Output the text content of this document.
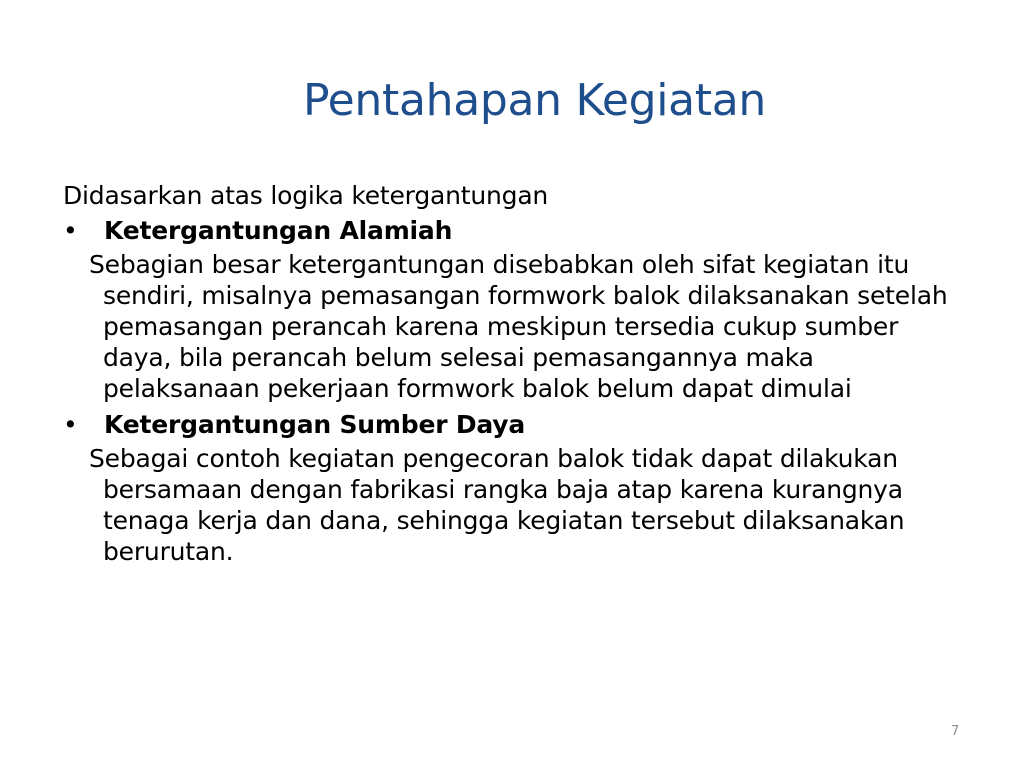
Pentahapan Kegiatan
Didasarkan atas logika ketergantungan
• Ketergantungan Alamiah

Sebagian besar ketergantungan disebabkan oleh sifat kegiatan itu sendiri, misalnya pemasangan formwork balok dilaksanakan setelah pemasangan perancah karena meskipun tersedia cukup sumber daya, bila perancah belum selesai pemasangannya maka pelaksanaan pekerjaan formwork balok belum dapat dimulai

• Ketergantungan Sumber Daya

Sebagai contoh kegiatan pengecoran balok tidak dapat dilakukan bersamaan dengan fabrikasi rangka baja atap karena kurangnya tenaga kerja dan dana, sehingga kegiatan tersebut dilaksanakan berurutan.

7
